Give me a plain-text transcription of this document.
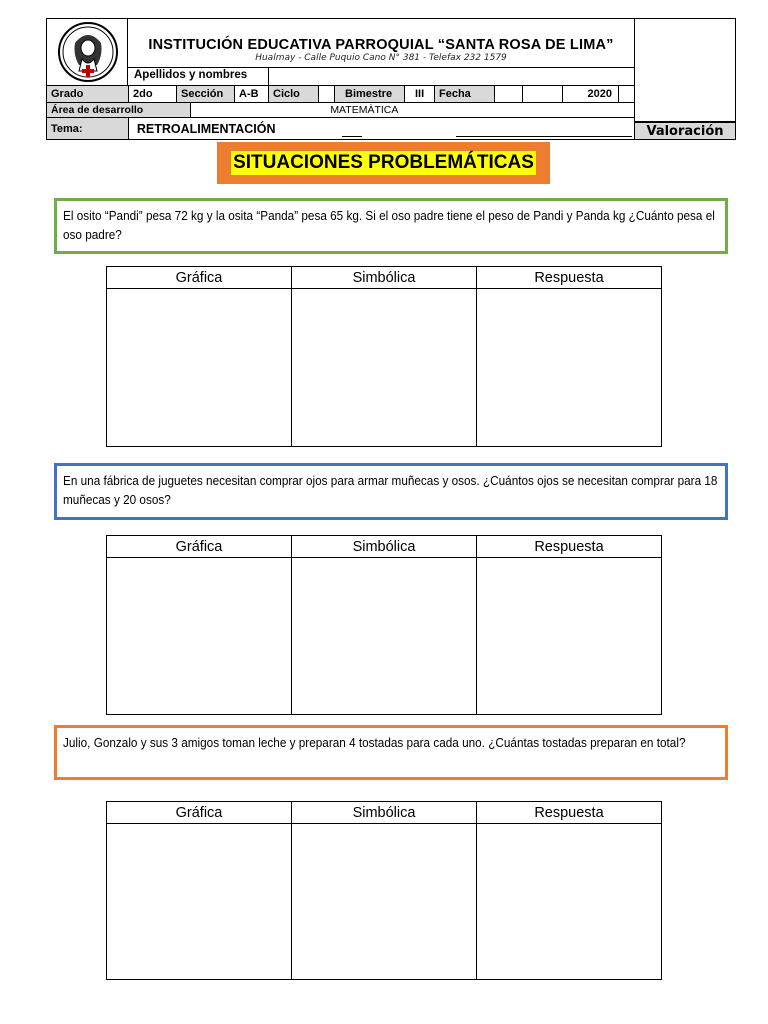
INSTITUCIÓN EDUCATIVA PARROQUIAL “SANTA ROSA DE LIMA”
Hualmay - Calle Puquio Cano N° 381 - Telefax 232 1579
Apellidos y nombres
Grado	2do	Sección	A-B	Ciclo	Bimestre	III	Fecha	2020
Área de desarrollo	MATEMÀTICA
Tema:	RETROALIMENTACIÓN	Valoración
SITUACIONES PROBLEMÁTICAS
El osito “Pandi” pesa 72 kg y la osita “Panda” pesa 65 kg. Si el oso padre tiene el peso de Pandi y Panda kg ¿Cuánto pesa el oso padre?
Gráfica	Simbólica	Respuesta

En una fábrica de juguetes necesitan comprar ojos para armar muñecas y osos. ¿Cuántos ojos se necesitan comprar para 18 muñecas y 20 osos?
Gráfica	Simbólica	Respuesta

Julio, Gonzalo y sus 3 amigos toman leche y preparan 4 tostadas para cada uno. ¿Cuántas tostadas preparan en total?
Gráfica	Simbólica	Respuesta
